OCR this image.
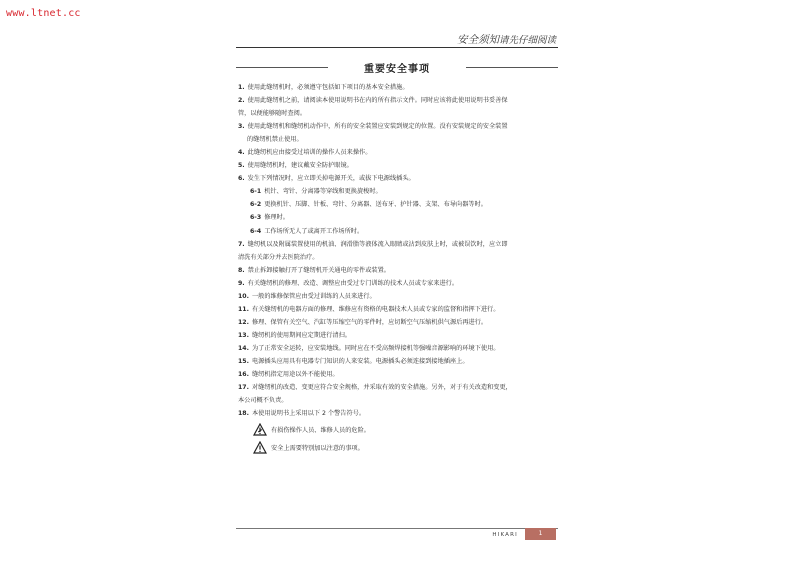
www.ltnet.cc
安全须知请先仔细阅读
重要安全事项
1. 使用此缝纫机时，必须遵守包括如下项目的基本安全措施。
2. 使用此缝纫机之前，请阅读本使用说明书在内的所有指示文件。同时应该将此使用说明书妥善保
管，以便能够随时查阅。
3. 使用此缝纫机和缝纫机动作中，所有的安全装置应安装到规定的位置。没有安装规定的安全装置
的缝纫机禁止使用。
4. 此缝纫机应由接受过培训的操作人员来操作。
5. 使用缝纫机时，建议戴安全防护眼镜。
6. 发生下列情况时，应立即关掉电源开关，或拔下电源线插头。
6-1 机针、弯针、分离器等穿线和更换旋梭时。
6-2 更换机针、压脚、针板、弯针、分离器、送布牙、护针器、支架、布导向器等时。
6-3 修理时。
6-4 工作场所无人了或离开工作场所时。
7. 缝纫机以及附属装置使用的机油、润滑脂等液体流入眼睛或沾到皮肤上时，或被误饮时，应立即
清洗有关部分并去医院治疗。
8. 禁止拆卸接触打开了缝纫机开关通电的零件或装置。
9. 有关缝纫机的修理、改造、调整应由受过专门训练的技术人员或专家来进行。
10. 一般的维修保管应由受过训练的人员来进行。
11. 有关缝纫机的电器方面的修理、维修应有资格的电器技术人员或专家的监督和指挥下进行。
12. 修理、保管有关空气、汽缸等压缩空气的零件时，应切断空气压缩机供气源后再进行。
13. 缝纫机的使用期间应定期进行清扫。
14. 为了正常安全运转，应安装地线。同时应在不受高频焊接机等强噪音源影响的环境下使用。
15. 电源插头应用具有电器专门知识的人来安装。电源插头必须连接到接地插座上。
16. 缝纫机指定用途以外不能使用。
17. 对缝纫机的改造、变更应符合安全规格，并采取有效的安全措施。另外，对于有关改造和变更，
本公司概不负责。
18. 本使用说明书上采用以下 2 个警告符号。
有损伤操作人员、维修人员的危险。
安全上需要特别加以注意的事项。
HIKARI	1
